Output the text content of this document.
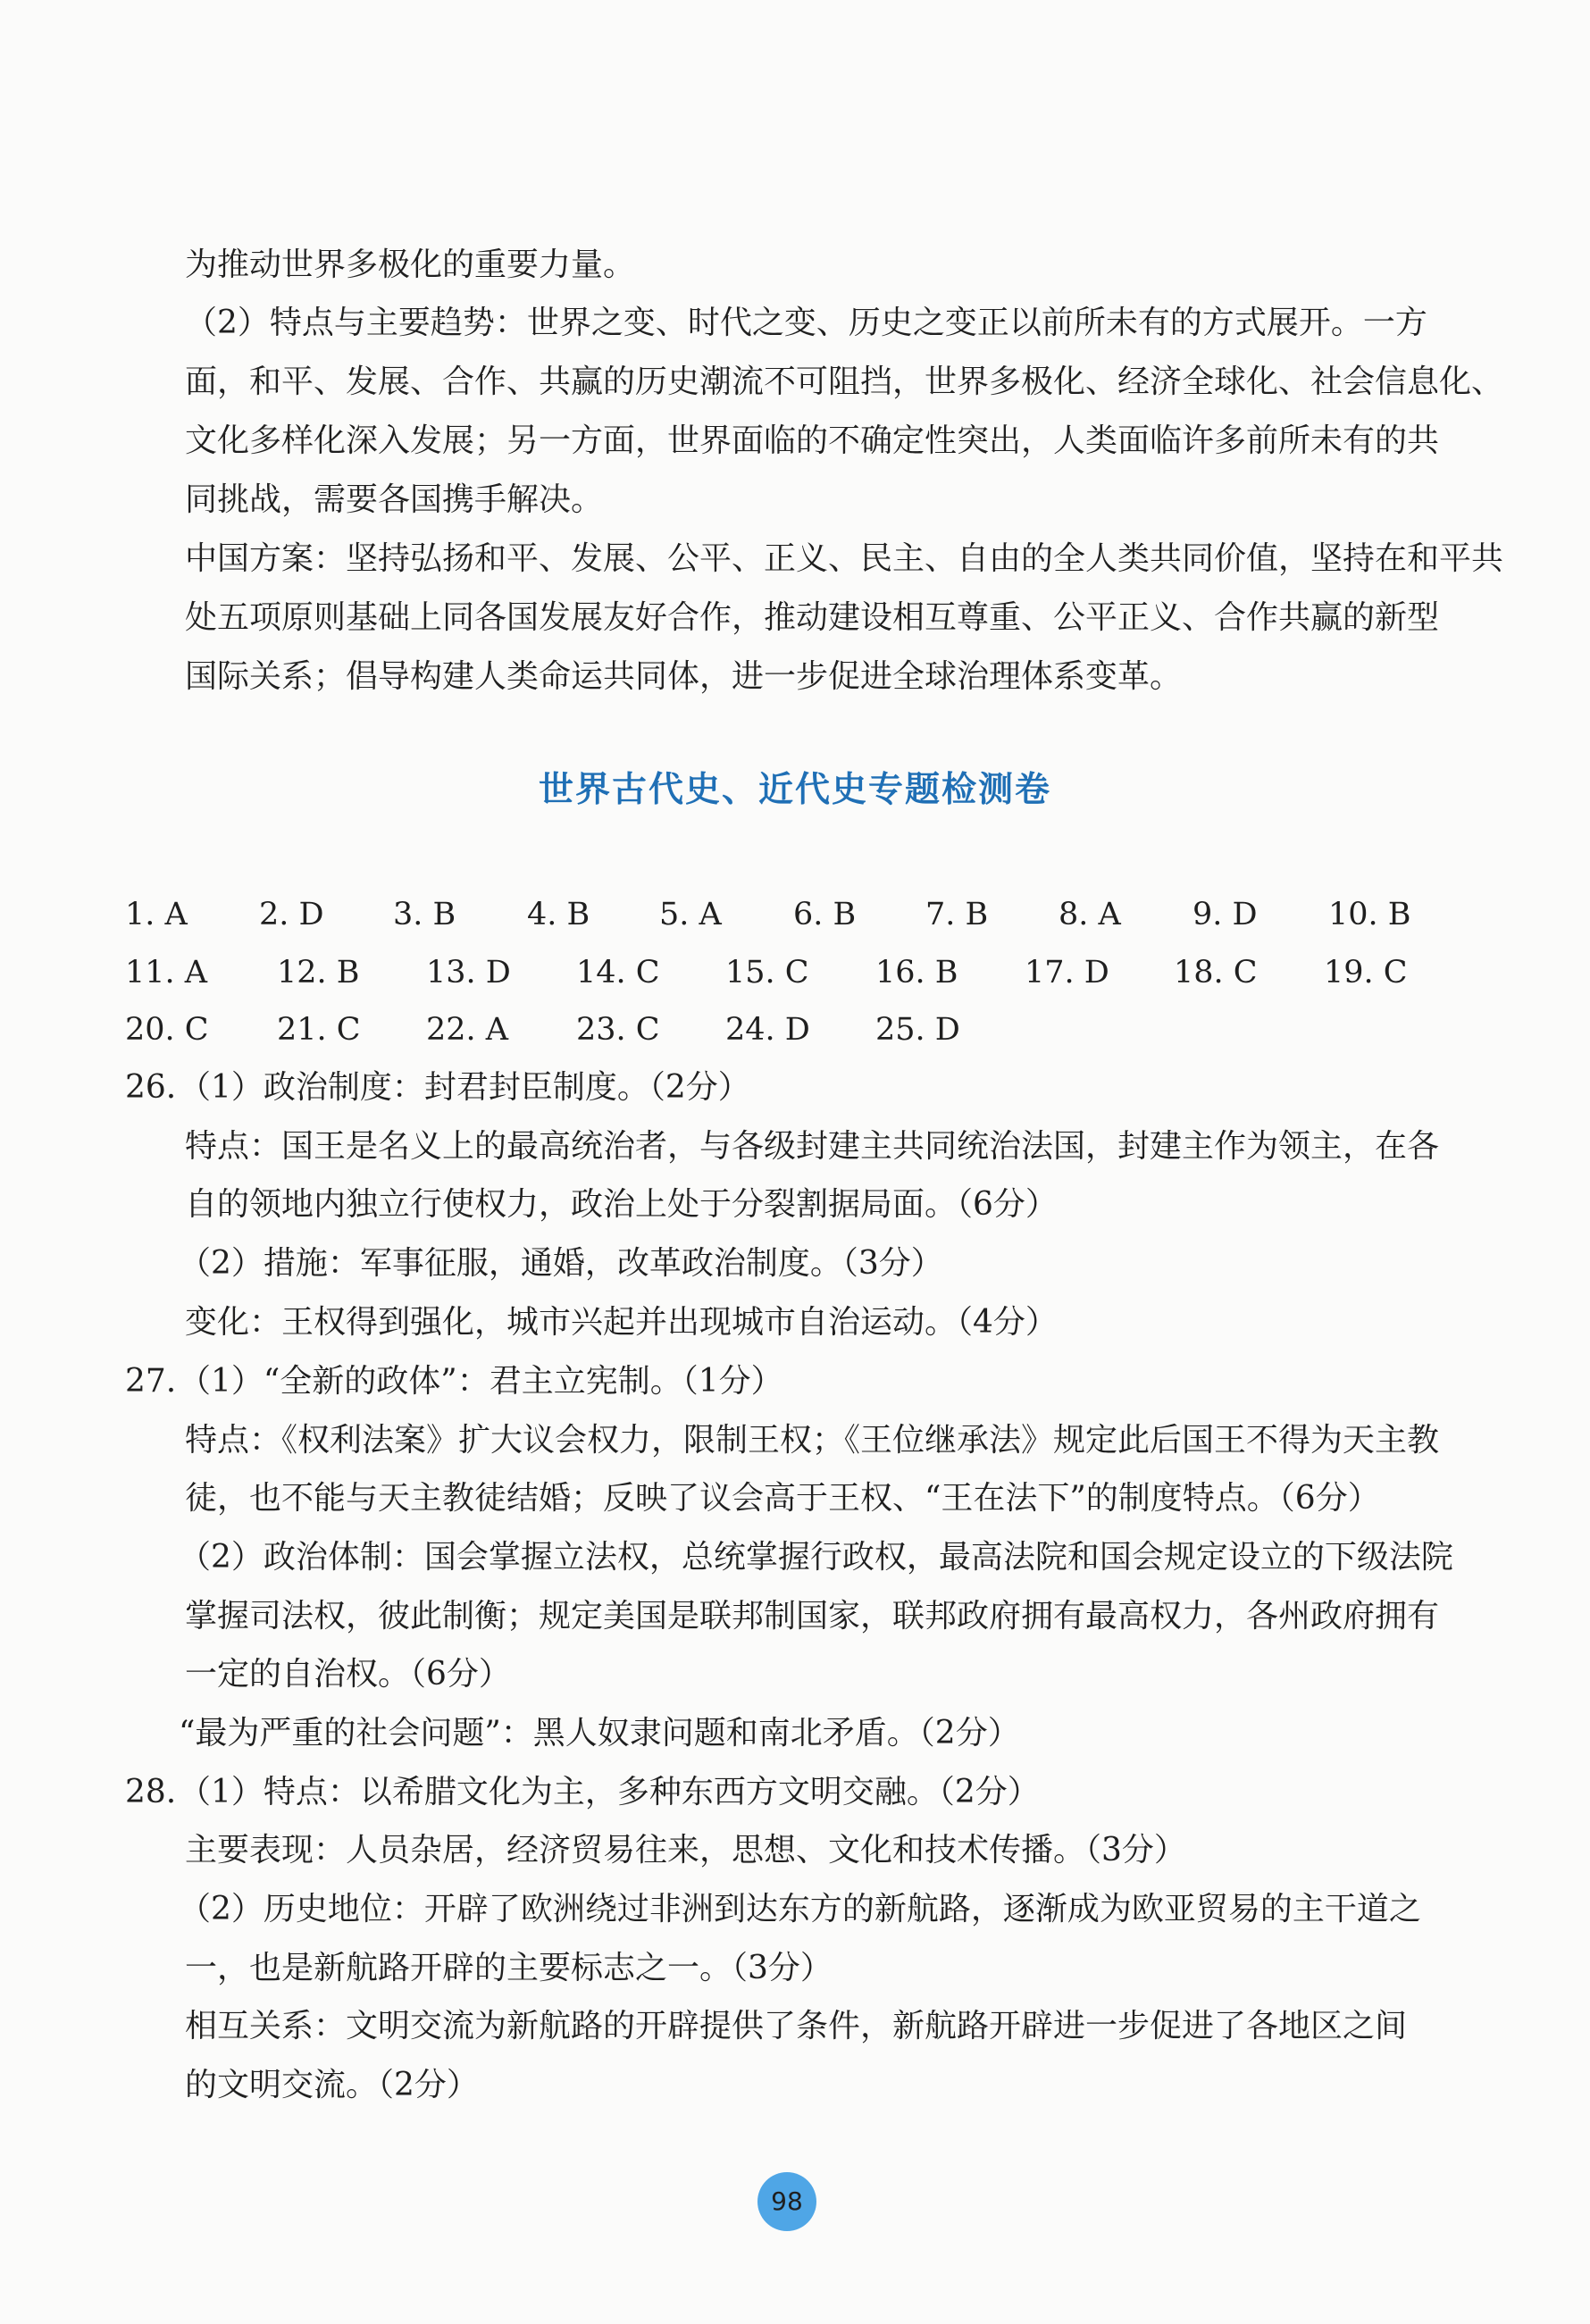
为推动世界多极化的重要力量。
（2）特点与主要趋势：世界之变、时代之变、历史之变正以前所未有的方式展开。一方
面，和平、发展、合作、共赢的历史潮流不可阻挡，世界多极化、经济全球化、社会信息化、
文化多样化深入发展；另一方面，世界面临的不确定性突出，人类面临许多前所未有的共
同挑战，需要各国携手解决。
中国方案：坚持弘扬和平、发展、公平、正义、民主、自由的全人类共同价值，坚持在和平共
处五项原则基础上同各国发展友好合作，推动建设相互尊重、公平正义、合作共赢的新型
国际关系；倡导构建人类命运共同体，进一步促进全球治理体系变革。
世界古代史、近代史专题检测卷
1. A 2. D 3. B 4. B 5. A 6. B 7. B 8. A 9. D 10. B
11. A 12. B 13. D 14. C 15. C 16. B 17. D 18. C 19. C
20. C 21. C 22. A 23. C 24. D 25. D
26. （1）政治制度：封君封臣制度。（2分）
特点：国王是名义上的最高统治者，与各级封建主共同统治法国，封建主作为领主，在各
自的领地内独立行使权力，政治上处于分裂割据局面。（6分）
（2）措施：军事征服，通婚，改革政治制度。（3分）
变化：王权得到强化，城市兴起并出现城市自治运动。（4分）
27. （1）“全新的政体”：君主立宪制。（1分）
特点：《权利法案》扩大议会权力，限制王权；《王位继承法》规定此后国王不得为天主教
徒，也不能与天主教徒结婚；反映了议会高于王权、“王在法下”的制度特点。（6分）
（2）政治体制：国会掌握立法权，总统掌握行政权，最高法院和国会规定设立的下级法院
掌握司法权，彼此制衡；规定美国是联邦制国家，联邦政府拥有最高权力，各州政府拥有
一定的自治权。（6分）
“最为严重的社会问题”：黑人奴隶问题和南北矛盾。（2分）
28. （1）特点：以希腊文化为主，多种东西方文明交融。（2分）
主要表现：人员杂居，经济贸易往来，思想、文化和技术传播。（3分）
（2）历史地位：开辟了欧洲绕过非洲到达东方的新航路，逐渐成为欧亚贸易的主干道之
一，也是新航路开辟的主要标志之一。（3分）
相互关系：文明交流为新航路的开辟提供了条件，新航路开辟进一步促进了各地区之间
的文明交流。（2分）
98
